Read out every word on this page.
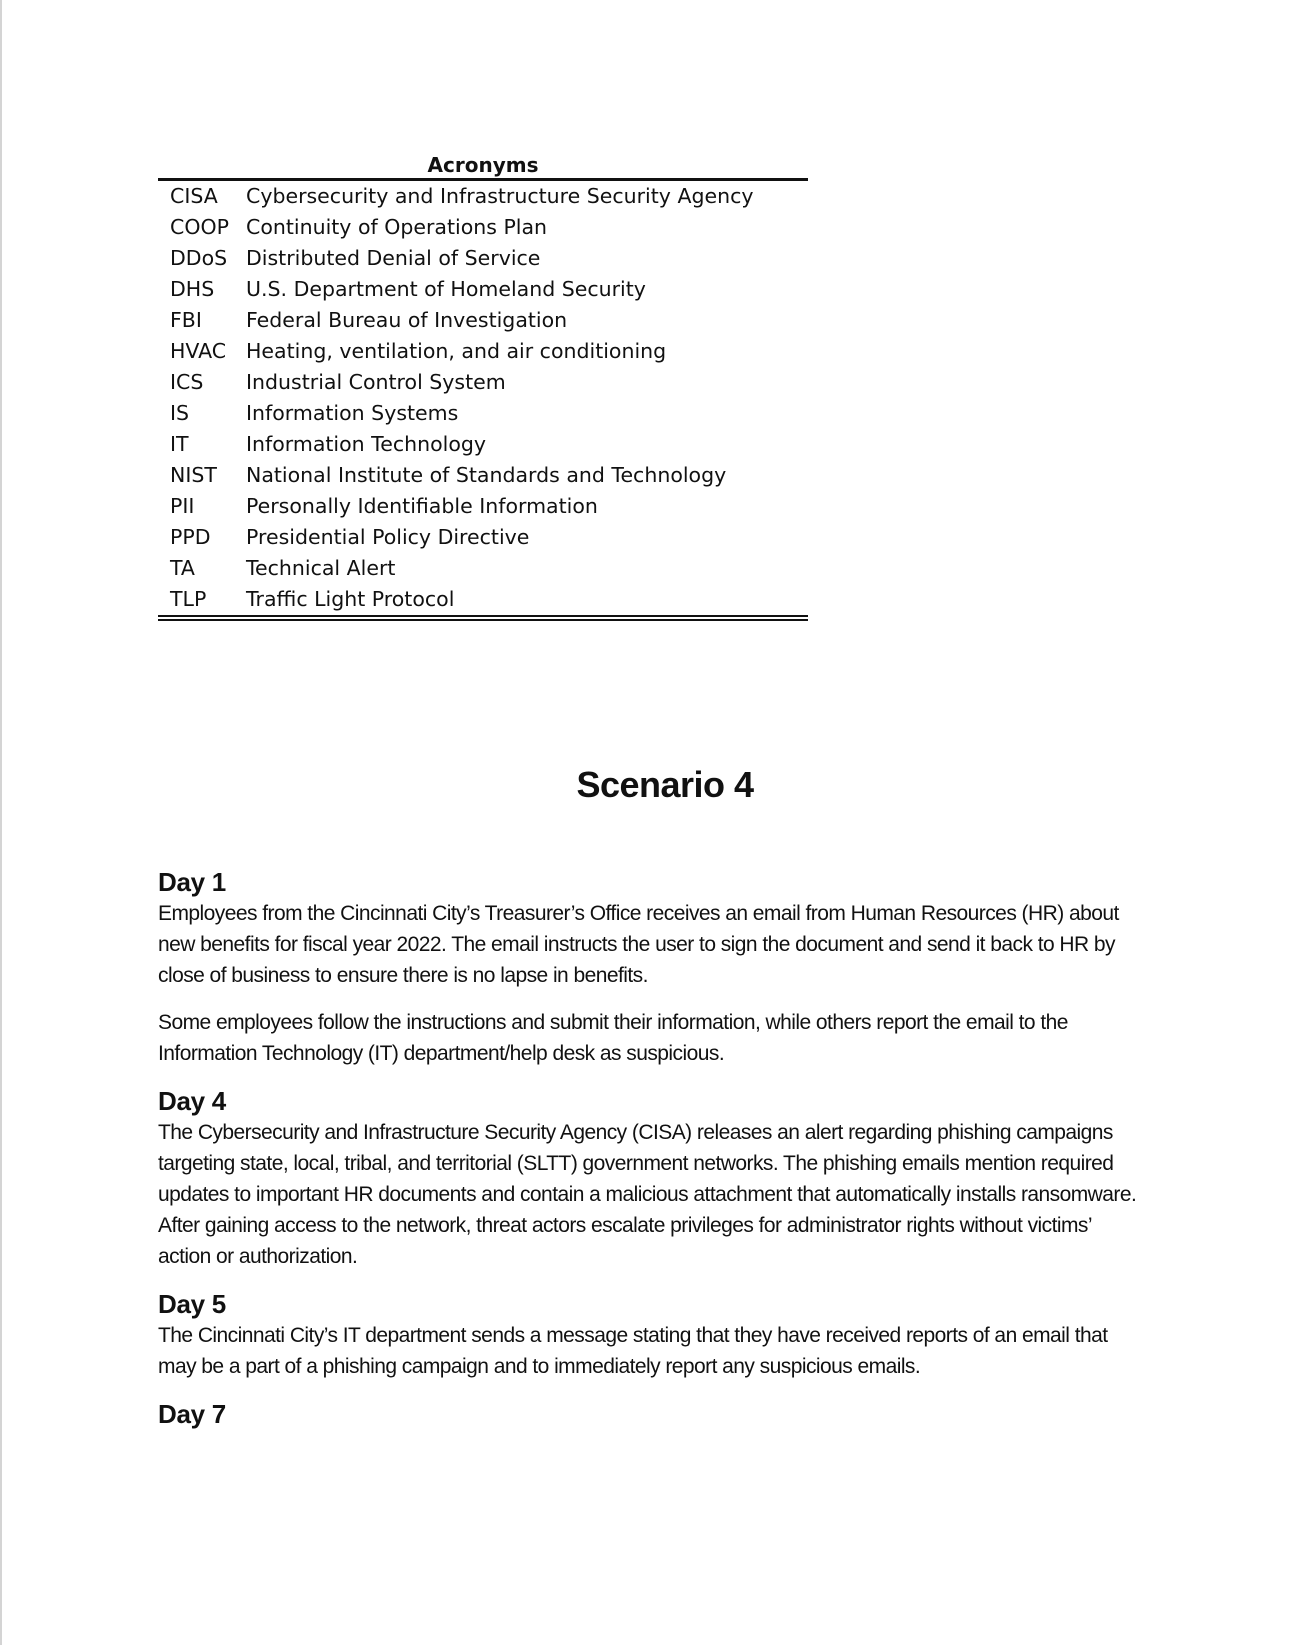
Acronyms
CISA	Cybersecurity and Infrastructure Security Agency
COOP	Continuity of Operations Plan
DDoS	Distributed Denial of Service
DHS	U.S. Department of Homeland Security
FBI	Federal Bureau of Investigation
HVAC	Heating, ventilation, and air conditioning
ICS	Industrial Control System
IS	Information Systems
IT	Information Technology
NIST	National Institute of Standards and Technology
PII	Personally Identifiable Information
PPD	Presidential Policy Directive
TA	Technical Alert
TLP	Traffic Light Protocol
Scenario 4
Day 1

Employees from the Cincinnati City’s Treasurer’s Office receives an email from Human Resources (HR) about new benefits for fiscal year 2022. The email instructs the user to sign the document and send it back to HR by close of business to ensure there is no lapse in benefits.

Some employees follow the instructions and submit their information, while others report the email to the Information Technology (IT) department/help desk as suspicious.

Day 4

The Cybersecurity and Infrastructure Security Agency (CISA) releases an alert regarding phishing campaigns targeting state, local, tribal, and territorial (SLTT) government networks. The phishing emails mention required updates to important HR documents and contain a malicious attachment that automatically installs ransomware. After gaining access to the network, threat actors escalate privileges for administrator rights without victims’ action or authorization.

Day 5

The Cincinnati City’s IT department sends a message stating that they have received reports of an email that may be a part of a phishing campaign and to immediately report any suspicious emails.

Day 7
